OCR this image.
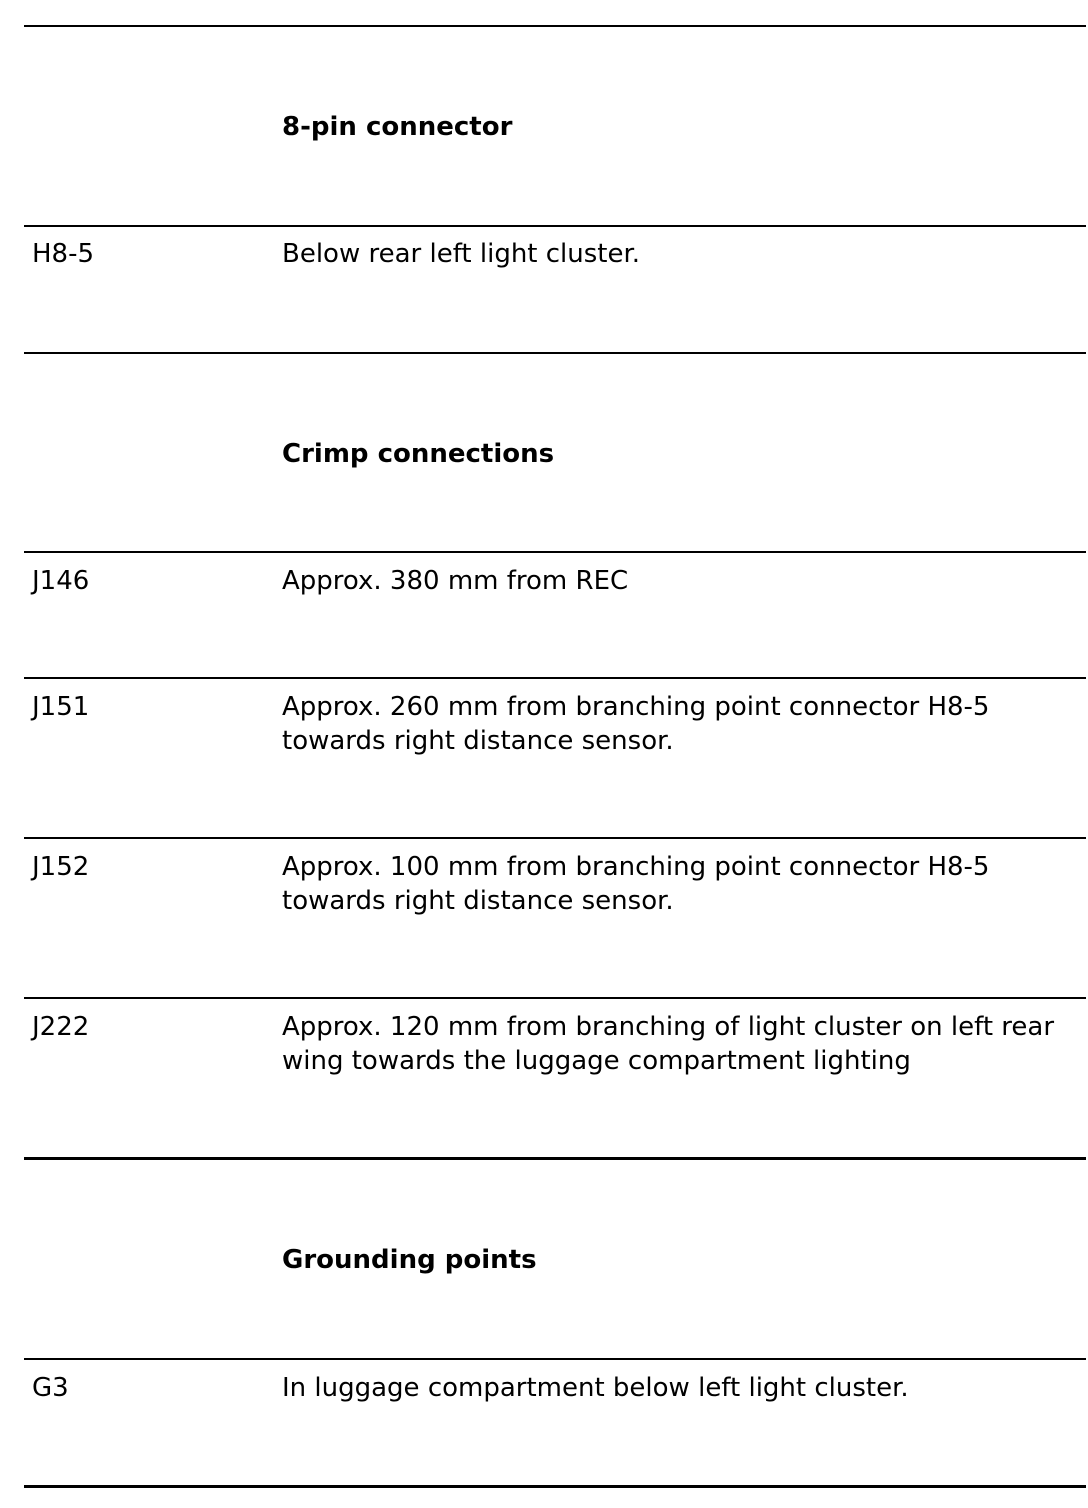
8-pin connector
H8-5	Below rear left light cluster.
Crimp connections
J146	Approx. 380 mm from REC
J151	Approx. 260 mm from branching point connector H8-5 towards right distance sensor.
J152	Approx. 100 mm from branching point connector H8-5 towards right distance sensor.
J222	Approx. 120 mm from branching of light cluster on left rear wing towards the luggage compartment lighting
Grounding points
G3	In luggage compartment below left light cluster.
